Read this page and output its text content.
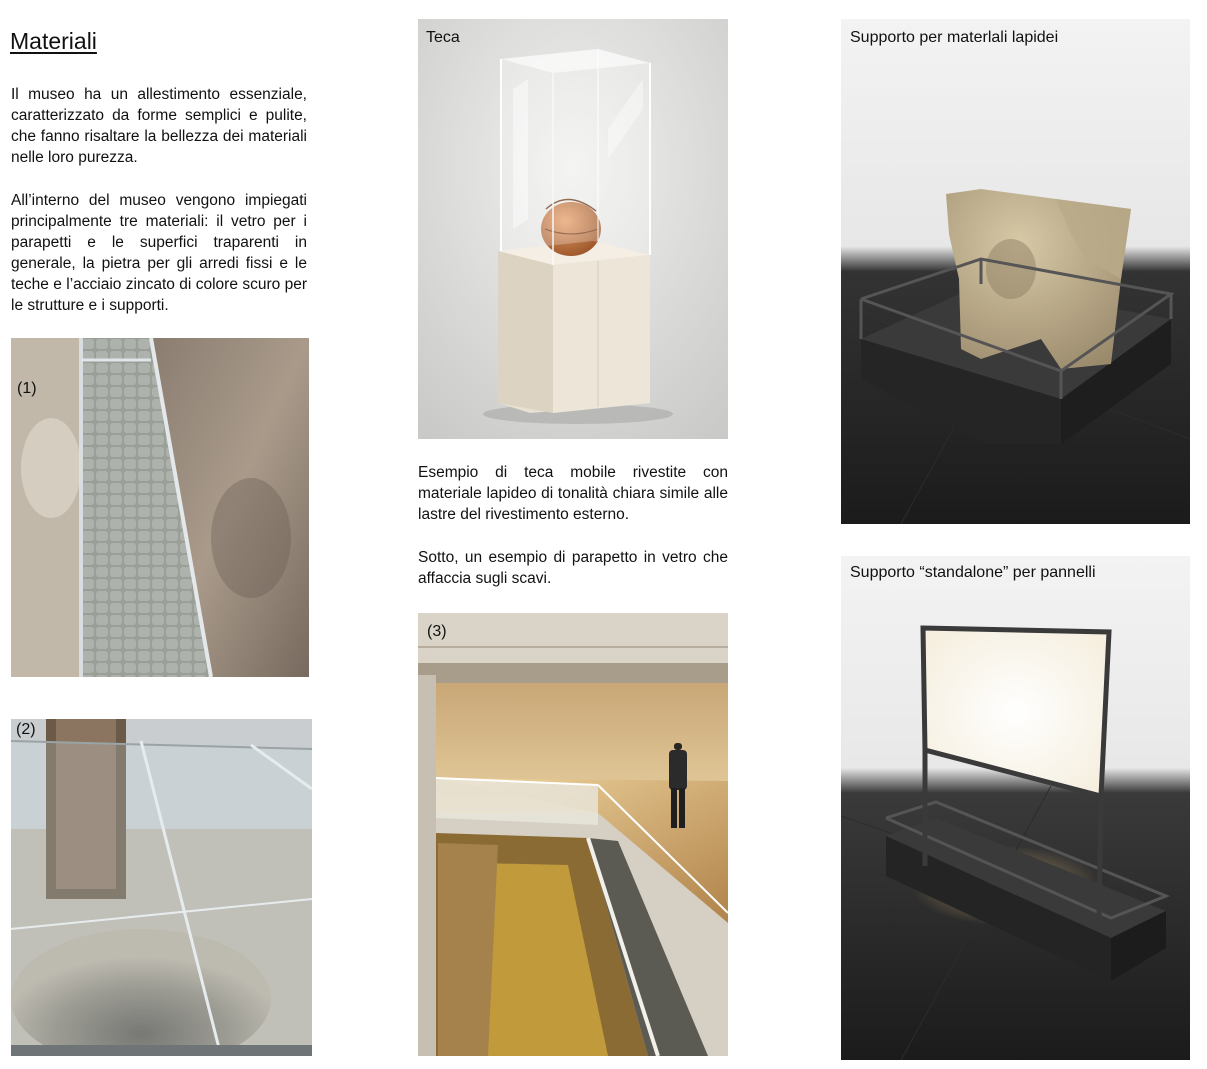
Materiali
Il museo ha un allestimento essenziale, caratterizzato da forme semplici e pulite, che fanno risaltare la bellezza dei materiali nelle loro purezza.
All’interno del museo vengono impiegati principalmente tre materiali: il vetro per i parapetti e le superfici traparenti in generale, la pietra per gli arredi fissi e le teche e l’acciaio zincato di colore scuro per le strutture e i supporti.
(1)
(2)
Teca
Esempio di teca mobile rivestite con materiale lapideo di tonalità chiara simile alle lastre del rivestimento esterno.
Sotto, un esempio di parapetto in vetro che affaccia sugli scavi.
(3)
Supporto per materlali lapidei
Supporto “standalone” per pannelli
